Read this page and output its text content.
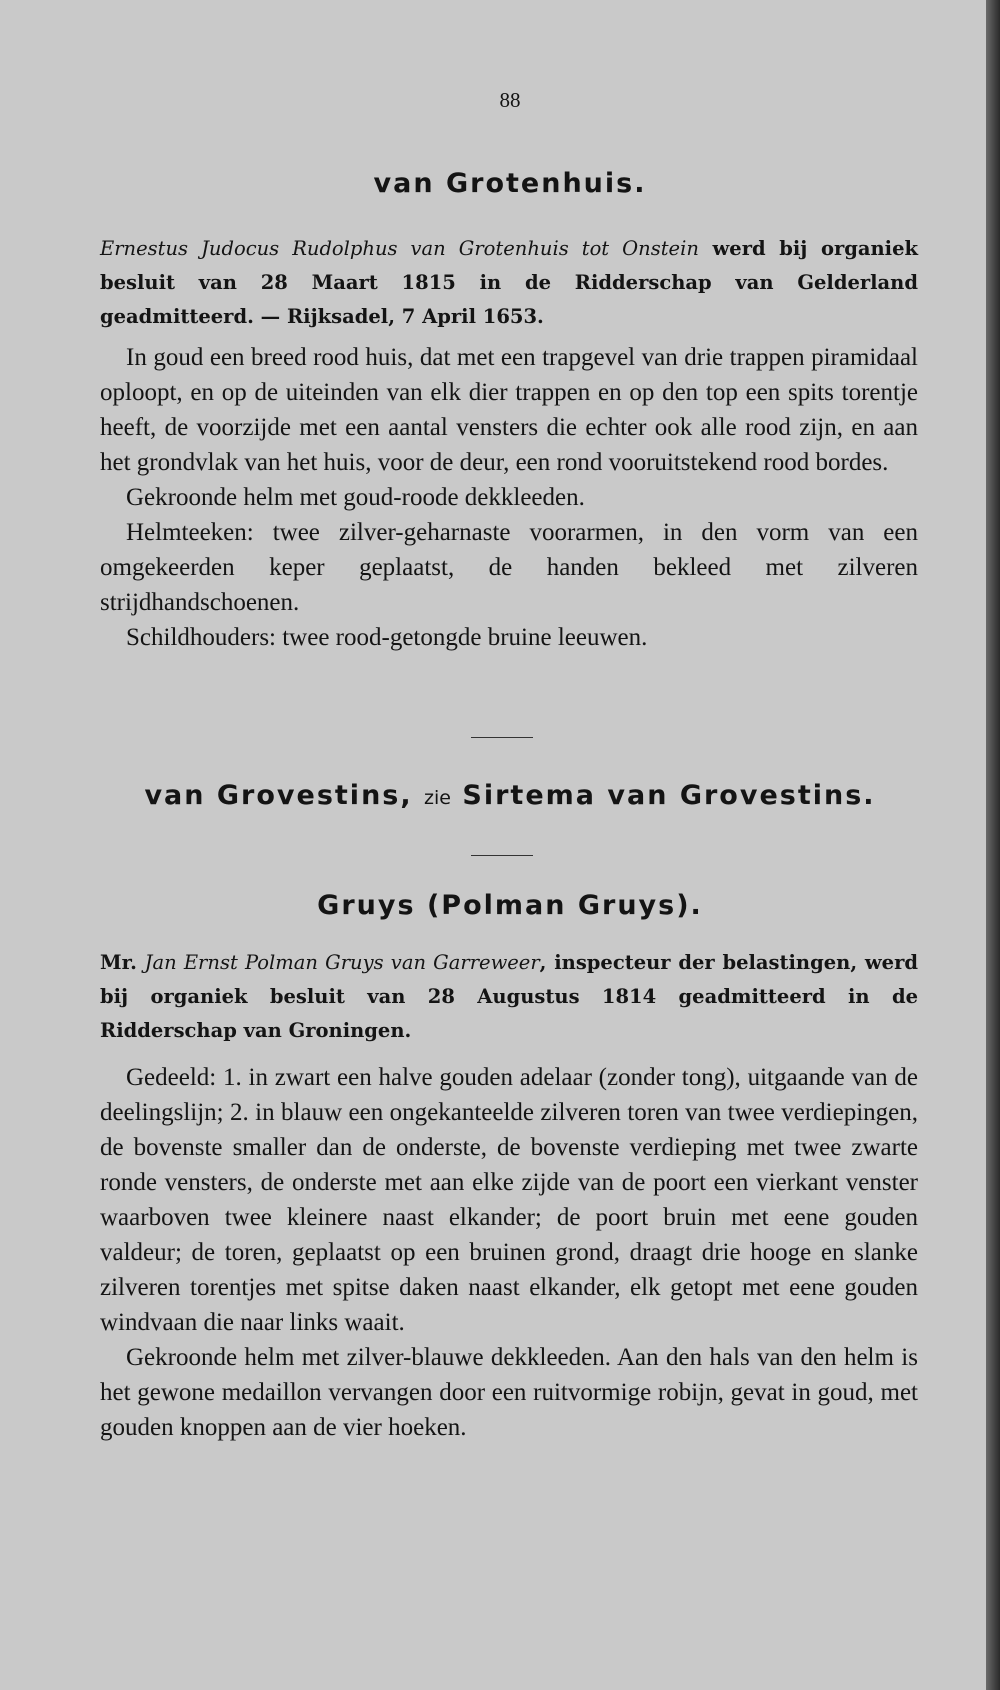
88
van Grotenhuis.

Ernestus Judocus Rudolphus van Grotenhuis tot Onstein werd bij organiek besluit van 28 Maart 1815 in de Ridderschap van Gelderland geadmitteerd. — Rijksadel, 7 April 1653.

In goud een breed rood huis, dat met een trapgevel van drie trappen piramidaal oploopt, en op de uiteinden van elk dier trappen en op den top een spits torentje heeft, de voorzijde met een aantal vensters die echter ook alle rood zijn, en aan het grondvlak van het huis, voor de deur, een rond vooruitstekend rood bordes.

Gekroonde helm met goud-roode dekkleeden.

Helmteeken: twee zilver-geharnaste voorarmen, in den vorm van een omgekeerden keper geplaatst, de handen bekleed met zilveren strijdhandschoenen.

Schildhouders: twee rood-getongde bruine leeuwen.

van Grovestins, zie Sirtema van Grovestins.
Gruys (Polman Gruys).

Mr. Jan Ernst Polman Gruys van Garreweer, inspecteur der belastingen, werd bij organiek besluit van 28 Augustus 1814 geadmitteerd in de Ridderschap van Groningen.

Gedeeld: 1. in zwart een halve gouden adelaar (zonder tong), uitgaande van de deelingslijn; 2. in blauw een ongekanteelde zilveren toren van twee verdiepingen, de bovenste smaller dan de onderste, de bovenste verdieping met twee zwarte ronde vensters, de onderste met aan elke zijde van de poort een vierkant venster waarboven twee kleinere naast elkander; de poort bruin met eene gouden valdeur; de toren, geplaatst op een bruinen grond, draagt drie hooge en slanke zilveren torentjes met spitse daken naast elkander, elk getopt met eene gouden windvaan die naar links waait.

Gekroonde helm met zilver-blauwe dekkleeden. Aan den hals van den helm is het gewone medaillon vervangen door een ruitvormige robijn, gevat in goud, met gouden knoppen aan de vier hoeken.
